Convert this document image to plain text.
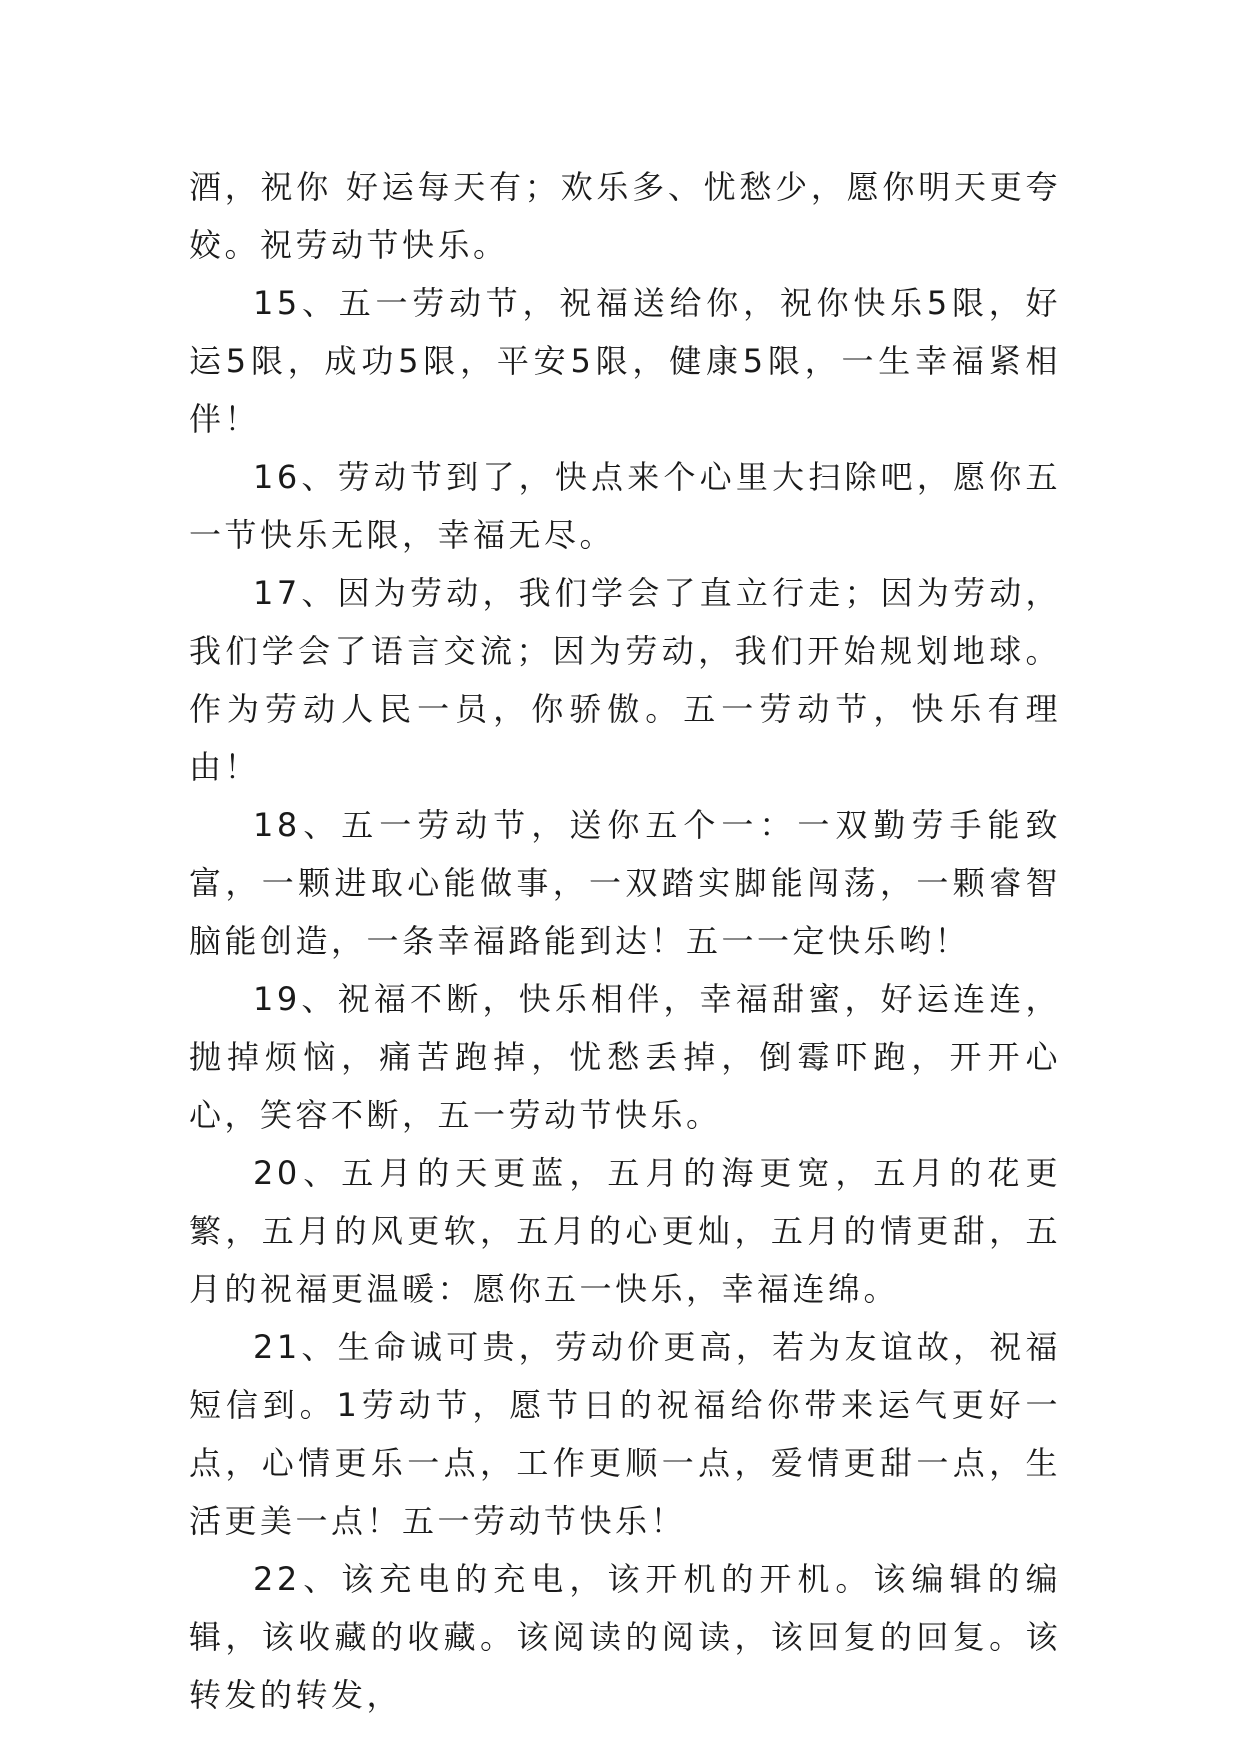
酒，祝你 好运每天有；欢乐多、忧愁少，愿你明天更夸姣。祝劳动节快乐。

15、五一劳动节，祝福送给你，祝你快乐5限，好运5限，成功5限，平安5限，健康5限，一生幸福紧相伴！

16、劳动节到了，快点来个心里大扫除吧，愿你五一节快乐无限，幸福无尽。

17、因为劳动，我们学会了直立行走；因为劳动，我们学会了语言交流；因为劳动，我们开始规划地球。作为劳动人民一员，你骄傲。五一劳动节，快乐有理由！

18、五一劳动节，送你五个一：一双勤劳手能致富，一颗进取心能做事，一双踏实脚能闯荡，一颗睿智脑能创造，一条幸福路能到达！五一一定快乐哟！

19、祝福不断，快乐相伴，幸福甜蜜，好运连连，抛掉烦恼，痛苦跑掉，忧愁丢掉，倒霉吓跑，开开心心，笑容不断，五一劳动节快乐。

20、五月的天更蓝，五月的海更宽，五月的花更繁，五月的风更软，五月的心更灿，五月的情更甜，五月的祝福更温暖：愿你五一快乐，幸福连绵。

21、生命诚可贵，劳动价更高，若为友谊故，祝福短信到。1劳动节，愿节日的祝福给你带来运气更好一点，心情更乐一点，工作更顺一点，爱情更甜一点，生活更美一点！五一劳动节快乐！

22、该充电的充电，该开机的开机。该编辑的编辑，该收藏的收藏。该阅读的阅读，该回复的回复。该转发的转发，
